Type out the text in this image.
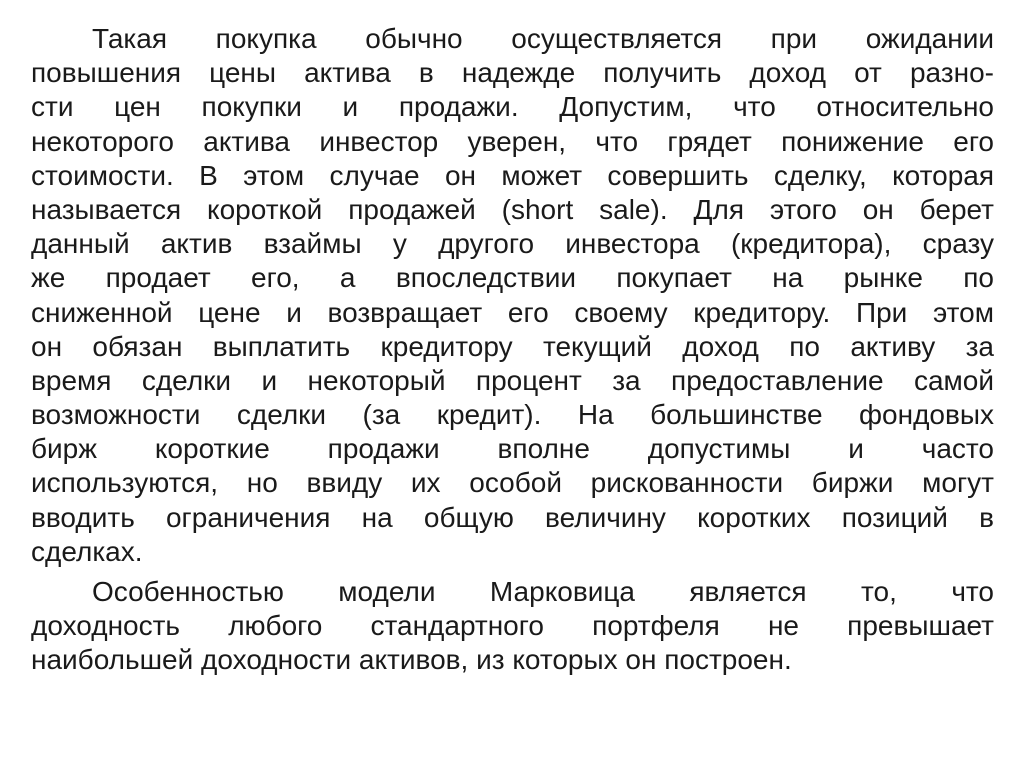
Такая покупка обычно осуществляется при ожидании
повышения цены актива в надежде получить доход от разно-
сти цен покупки и продажи. Допустим, что относительно
некоторого актива инвестор уверен, что грядет понижение его
стоимости. В этом случае он может совершить сделку, которая
называется короткой продажей (short sale). Для этого он берет
данный актив взаймы у другого инвестора (кредитора), сразу
же продает его, а впоследствии покупает на рынке по
сниженной цене и возвращает его своему кредитору. При этом
он обязан выплатить кредитору текущий доход по активу за
время сделки и некоторый процент за предоставление самой
возможности сделки (за кредит). На большинстве фондовых
бирж короткие продажи вполне допустимы и часто
используются, но ввиду их особой рискованности биржи могут
вводить ограничения на общую величину коротких позиций в
сделках.
Особенностью модели Марковица является то, что
доходность любого стандартного портфеля не превышает
наибольшей доходности активов, из которых он построен.
